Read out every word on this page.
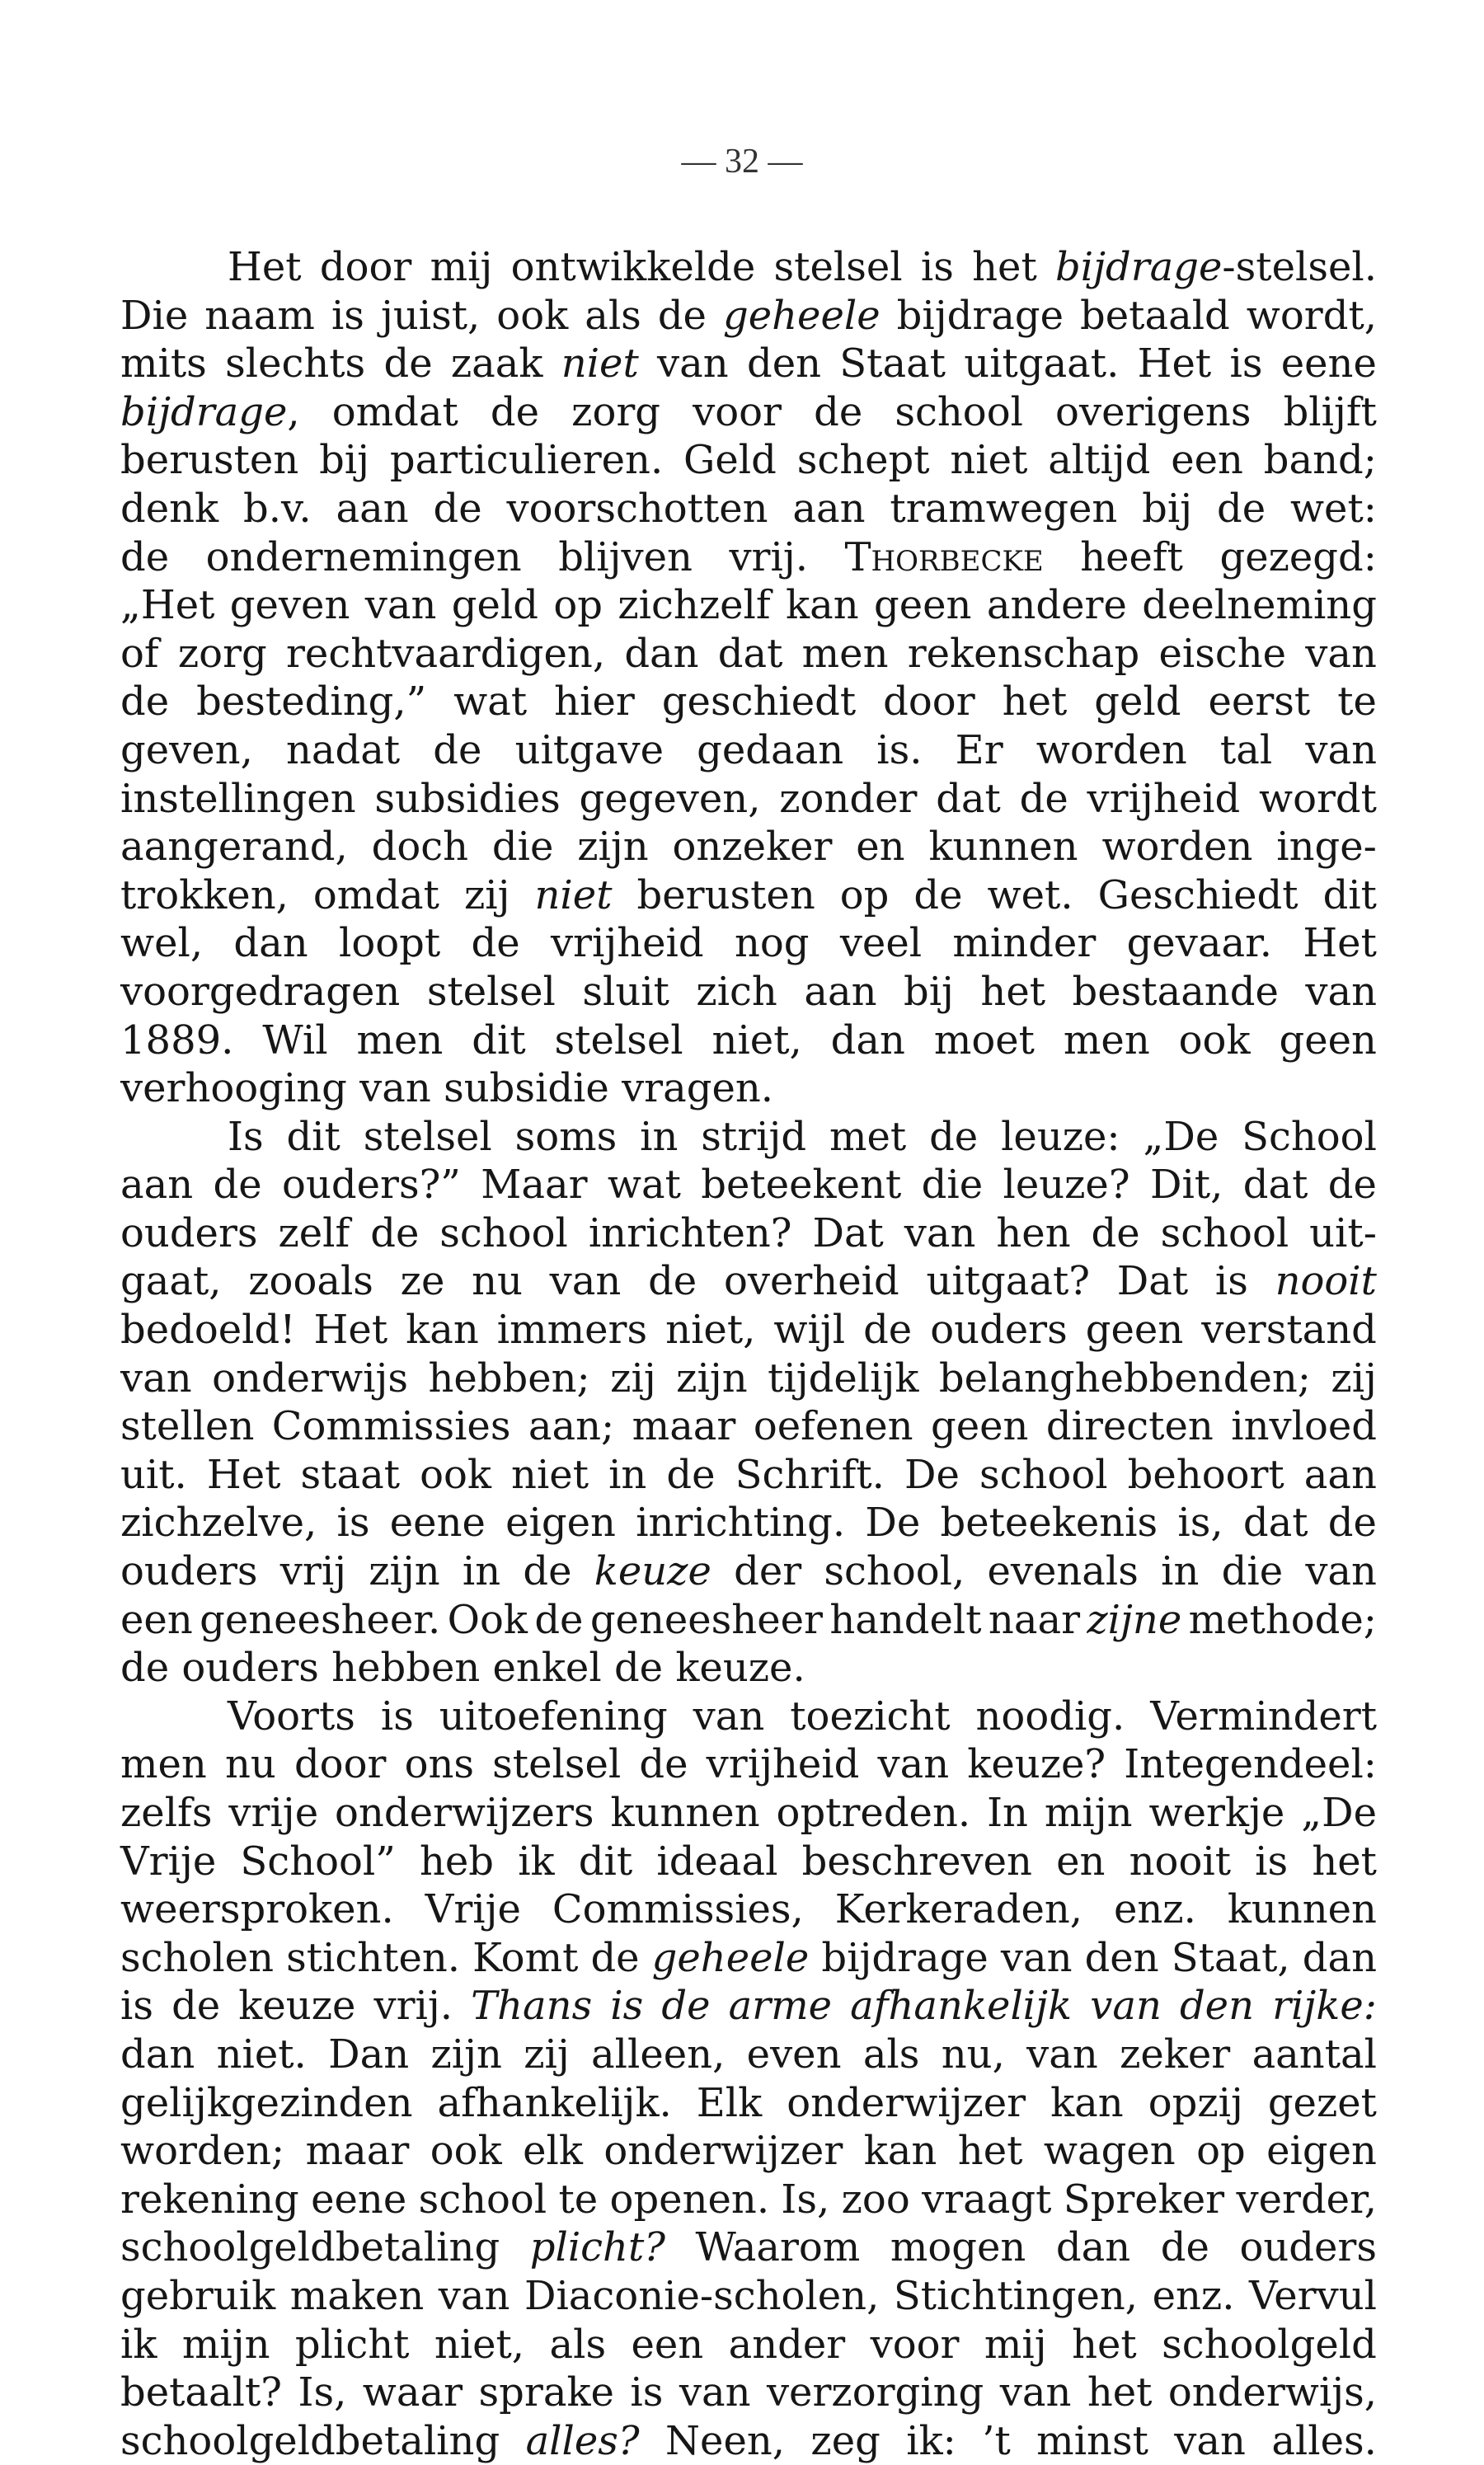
— 32 —
Het door mij ontwikkelde stelsel is het bijdrage-stelsel.
Die naam is juist, ook als de geheele bijdrage betaald wordt,
mits slechts de zaak niet van den Staat uitgaat. Het is eene
bijdrage, omdat de zorg voor de school overigens blijft
berusten bij particulieren. Geld schept niet altijd een band;
denk b.v. aan de voorschotten aan tramwegen bij de wet:
de ondernemingen blijven vrij. Thorbecke heeft gezegd:
„Het geven van geld op zichzelf kan geen andere deelneming
of zorg rechtvaardigen, dan dat men rekenschap eische van
de besteding,” wat hier geschiedt door het geld eerst te
geven, nadat de uitgave gedaan is. Er worden tal van
instellingen subsidies gegeven, zonder dat de vrijheid wordt
aangerand, doch die zijn onzeker en kunnen worden inge-
trokken, omdat zij niet berusten op de wet. Geschiedt dit
wel, dan loopt de vrijheid nog veel minder gevaar. Het
voorgedragen stelsel sluit zich aan bij het bestaande van
1889. Wil men dit stelsel niet, dan moet men ook geen
verhooging van subsidie vragen.
Is dit stelsel soms in strijd met de leuze: „De School
aan de ouders?” Maar wat beteekent die leuze? Dit, dat de
ouders zelf de school inrichten? Dat van hen de school uit-
gaat, zooals ze nu van de overheid uitgaat? Dat is nooit
bedoeld! Het kan immers niet, wijl de ouders geen verstand
van onderwijs hebben; zij zijn tijdelijk belanghebbenden; zij
stellen Commissies aan; maar oefenen geen directen invloed
uit. Het staat ook niet in de Schrift. De school behoort aan
zichzelve, is eene eigen inrichting. De beteekenis is, dat de
ouders vrij zijn in de keuze der school, evenals in die van
een geneesheer. Ook de geneesheer handelt naar zijne methode;
de ouders hebben enkel de keuze.
Voorts is uitoefening van toezicht noodig. Vermindert
men nu door ons stelsel de vrijheid van keuze? Integendeel:
zelfs vrije onderwijzers kunnen optreden. In mijn werkje „De
Vrije School” heb ik dit ideaal beschreven en nooit is het
weersproken. Vrije Commissies, Kerkeraden, enz. kunnen
scholen stichten. Komt de geheele bijdrage van den Staat, dan
is de keuze vrij. Thans is de arme afhankelijk van den rijke:
dan niet. Dan zijn zij alleen, even als nu, van zeker aantal
gelijkgezinden afhankelijk. Elk onderwijzer kan opzij gezet
worden; maar ook elk onderwijzer kan het wagen op eigen
rekening eene school te openen. Is, zoo vraagt Spreker verder,
schoolgeldbetaling plicht? Waarom mogen dan de ouders
gebruik maken van Diaconie-scholen, Stichtingen, enz. Vervul
ik mijn plicht niet, als een ander voor mij het schoolgeld
betaalt? Is, waar sprake is van verzorging van het onderwijs,
schoolgeldbetaling alles? Neen, zeg ik: ’t minst van alles.
